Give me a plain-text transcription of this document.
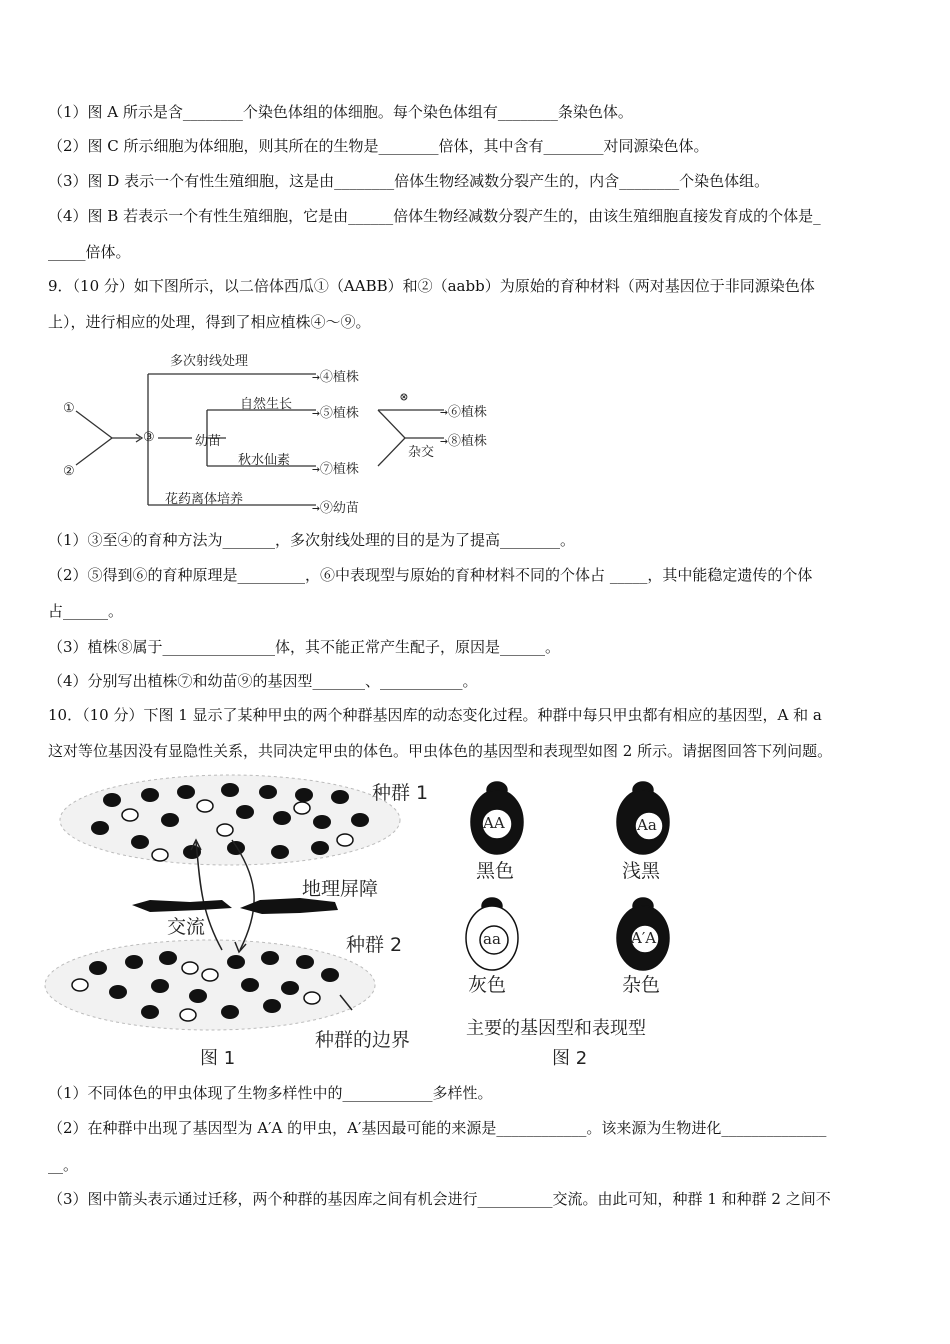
（1）图 A 所示是含________个染色体组的体细胞。每个染色体组有________条染色体。
（2）图 C 所示细胞为体细胞，则其所在的生物是________倍体，其中含有________对同源染色体。
（3）图 D 表示一个有性生殖细胞，这是由________倍体生物经减数分裂产生的，内含________个染色体组。
（4）图 B 若表示一个有性生殖细胞，它是由______倍体生物经减数分裂产生的，由该生殖细胞直接发育成的个体是_
_____倍体。
9．（10 分）如下图所示，以二倍体西瓜①（AABB）和②（aabb）为原始的育种材料（两对基因位于非同源染色体
上），进行相应的处理，得到了相应植株④～⑨。
①
②
③	幼苗
多次射线处理
→④植株
自然生长
→⑤植株
⊗
→⑥植株
→⑧植株
杂交
秋水仙素
→⑦植株
花药离体培养
→⑨幼苗
（1）③至④的育种方法为_______，多次射线处理的目的是为了提高________。
（2）⑤得到⑥的育种原理是_________，⑥中表现型与原始的育种材料不同的个体占 _____，其中能稳定遗传的个体
占______。
（3）植株⑧属于_______________体，其不能正常产生配子，原因是______。
（4）分别写出植株⑦和幼苗⑨的基因型_______、___________。
10．（10 分）下图 1 显示了某种甲虫的两个种群基因库的动态变化过程。种群中每只甲虫都有相应的基因型，A 和 a
这对等位基因没有显隐性关系，共同决定甲虫的体色。甲虫体色的基因型和表现型如图 2 所示。请据图回答下列问题。
种群 1
地理屏障
交流
种群 2
种群的边界
图 1
AA
黑色
Aa
浅黑
aa
灰色
A′A
杂色
主要的基因型和表现型
图 2
（1）不同体色的甲虫体现了生物多样性中的____________多样性。
（2）在种群中出现了基因型为 A′A 的甲虫，A′基因最可能的来源是____________。该来源为生物进化______________
__。
（3）图中箭头表示通过迁移，两个种群的基因库之间有机会进行__________交流。由此可知，种群 1 和种群 2 之间不
